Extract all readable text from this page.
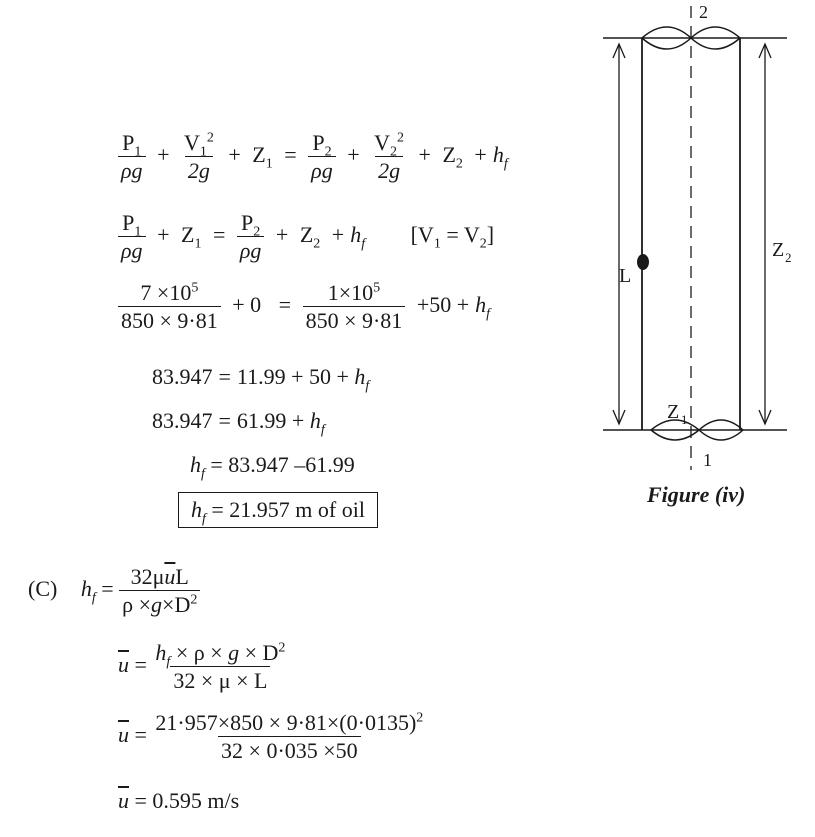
2
1
L
Z 2
Z 1
Figure (iv)
$\frac{P_1}{\rho g} + \frac{V_1^2}{2g} + Z_1 = \frac{P_2}{\rho g} + \frac{V_2^2}{2g} + Z_2 + h_f$
$\frac{P_1}{\rho g} + Z_1 = \frac{P_2}{\rho g} + Z_2 + h_f$ $[V_1 = V_2]$
$\frac{7 \times 10^5}{850 \times 9\cdot 81} + 0 = \frac{1\times 10^5}{850 \times 9\cdot 81} +50 + h_f$
$83.947 = 11.99 + 50 + h_f$
$83.947 = 61.99 + h_f$
$h_f = 83.947$ –61.99
$h_f = 21.957$ m of oil
(C) $h_f = \frac{32\mu\overline{u}L}{\rho \times g\times D^2}$
$\overline{u} = \frac{h_f \times \rho \times g \times D^2}{32 \times \mu \times L}$
$\overline{u} = \frac{21\cdot 957\times 850 \times 9\cdot 81\times(0\cdot 0135)^2}{32 \times 0\cdot 035 \times 50}$
$\overline{u} = 0.595$ m/s
